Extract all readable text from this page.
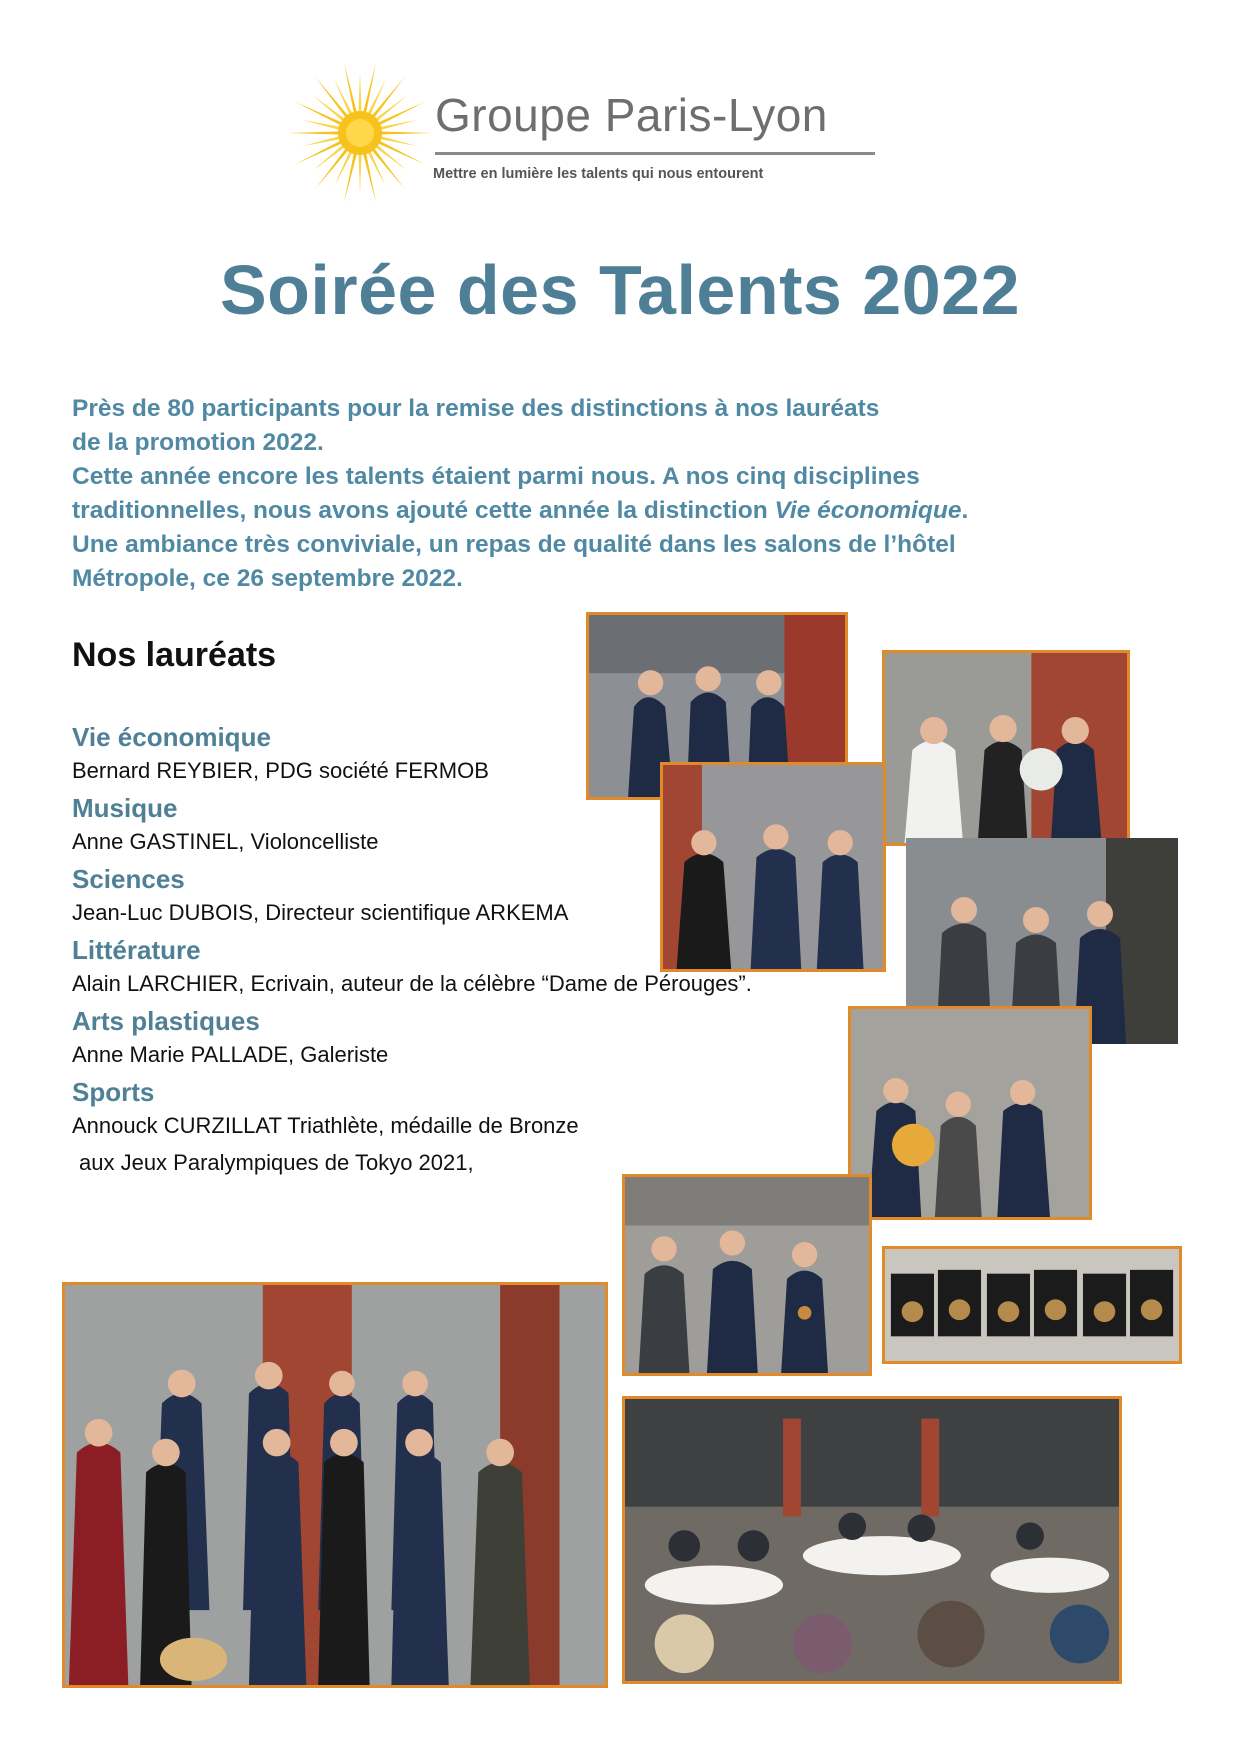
Groupe Paris-Lyon
Mettre en lumière les talents qui nous entourent
Soirée des Talents 2022

Près de 80 participants pour la remise des distinctions à nos lauréats

de la promotion 2022.

Cette année encore les talents étaient parmi nous. A nos cinq disciplines

traditionnelles, nous avons ajouté cette année la distinction Vie économique.

Une ambiance très conviviale, un repas de qualité dans les salons de l’hôtel

Métropole, ce 26 septembre 2022.

Nos lauréats
Vie économique
Bernard REYBIER, PDG société FERMOB
Musique
Anne GASTINEL, Violoncelliste
Sciences
Jean-Luc DUBOIS, Directeur scientifique ARKEMA
Littérature
Alain LARCHIER, Ecrivain, auteur de la célèbre “Dame de Pérouges”.
Arts plastiques
Anne Marie PALLADE, Galeriste
Sports
Annouck CURZILLAT Triathlète, médaille de Bronze
aux Jeux Paralympiques de Tokyo 2021,
